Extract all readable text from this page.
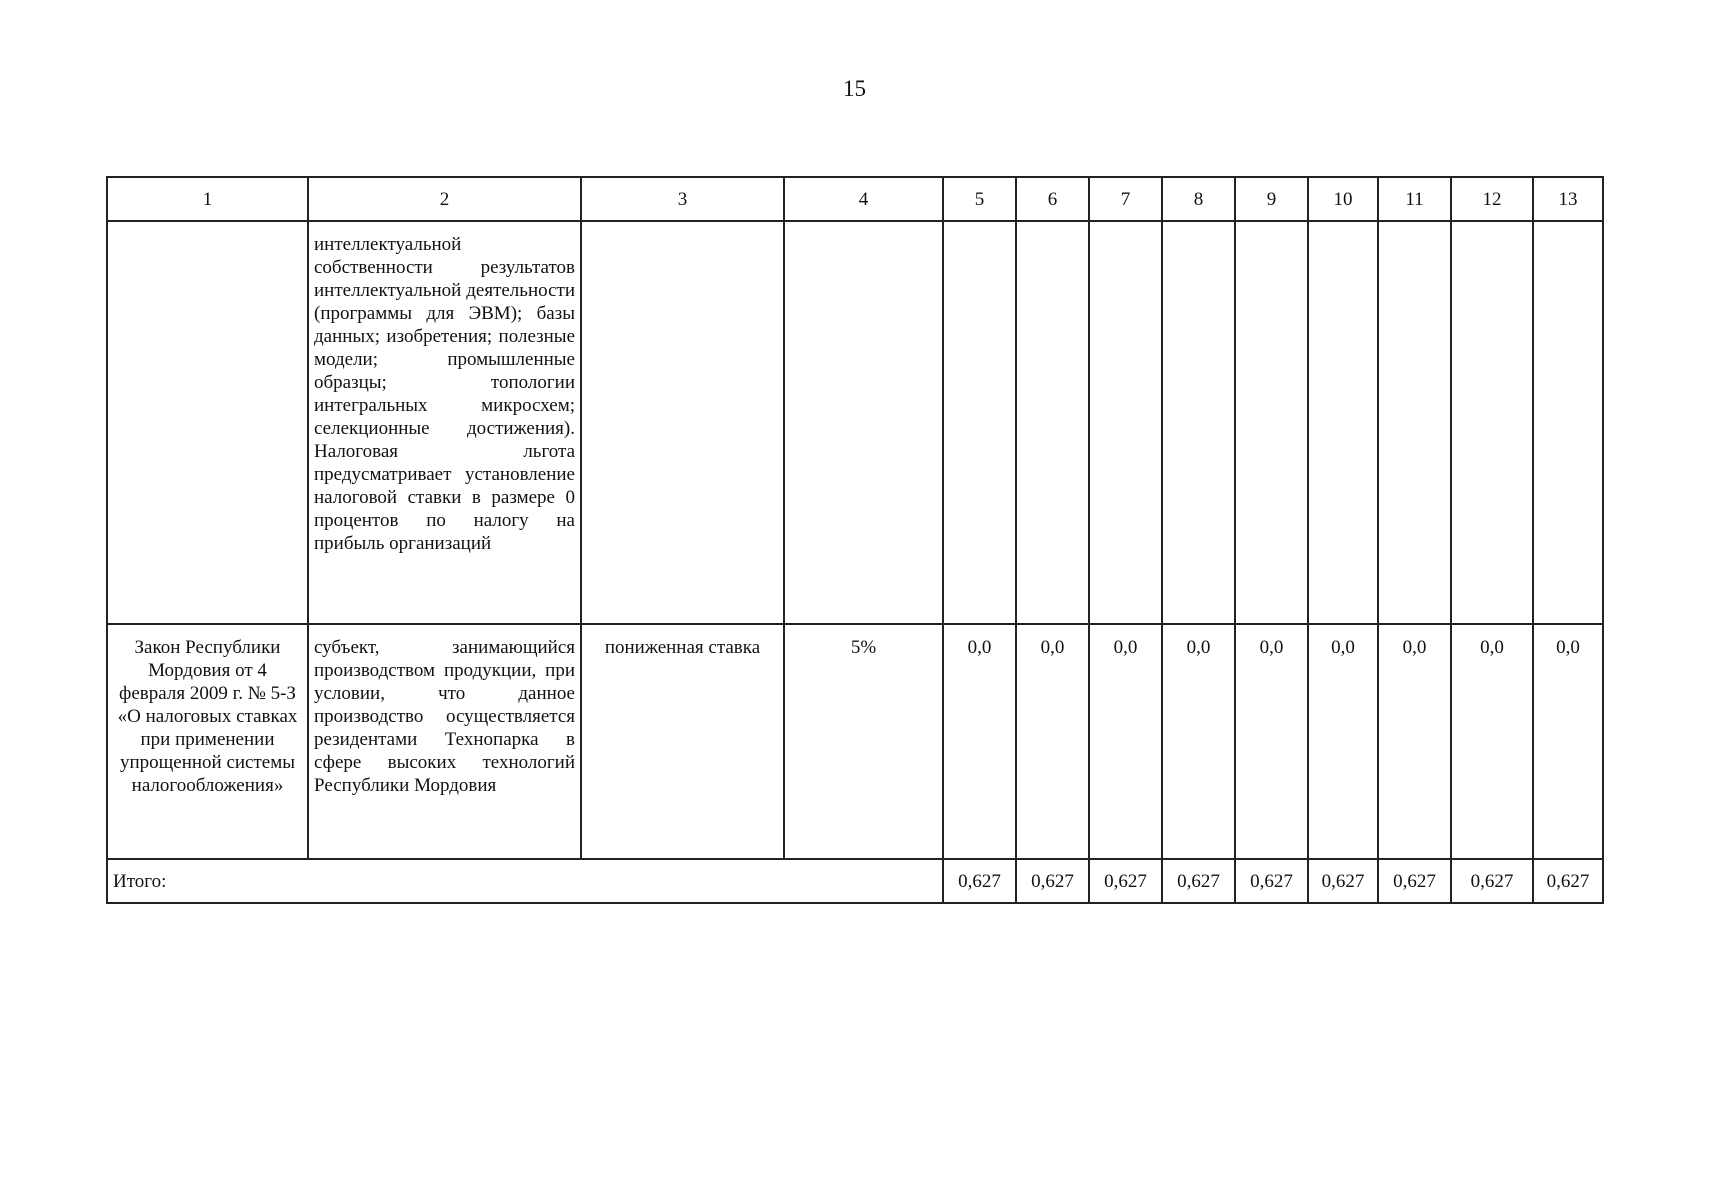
15
1	2	3	4	5	6	7	8	9	10	11	12	13
	интеллектуальной собственности результатов интеллектуальной деятельности (программы для ЭВМ); базы данных; изобретения; полезные модели; промышленные образцы; топологии интегральных микросхем; селекционные достижения). Налоговая льгота предусматривает установление налоговой ставки в размере 0 процентов по налогу на прибыль организаций											
Закон Республики Мордовия от 4 февраля 2009 г. № 5-З «О налоговых ставках при применении упрощенной системы налогообложения»	субъект, занимающийся производством продукции, при условии, что данное производство осуществляется резидентами Технопарка в сфере высоких технологий Республики Мордовия	пониженная ставка	5%	0,0	0,0	0,0	0,0	0,0	0,0	0,0	0,0	0,0
Итого:				0,627	0,627	0,627	0,627	0,627	0,627	0,627	0,627	0,627
